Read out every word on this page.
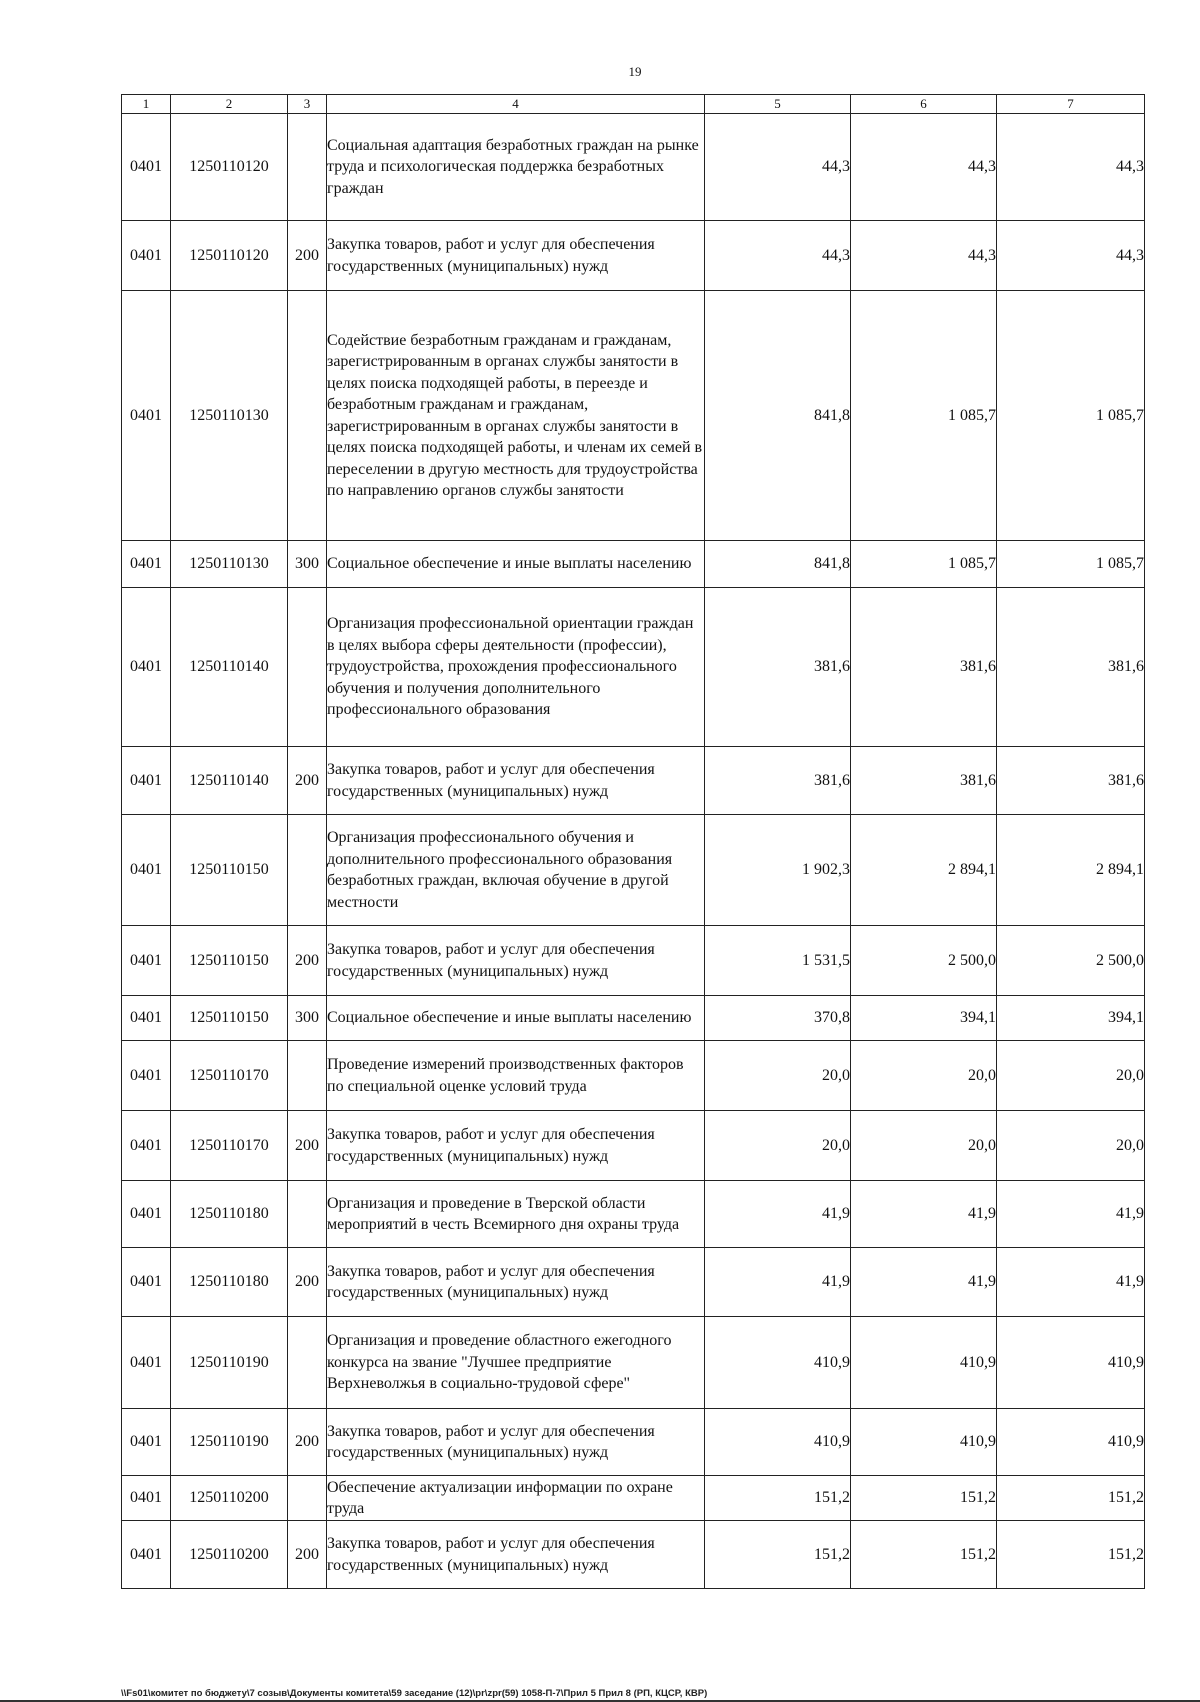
19
1	2	3	4	5	6	7
0401	1250110120		Социальная адаптация безработных граждан на рынке труда и психологическая поддержка безработных граждан	44,3	44,3	44,3
0401	1250110120	200	Закупка товаров, работ и услуг для обеспечения государственных (муниципальных) нужд	44,3	44,3	44,3
0401	1250110130		Содействие безработным гражданам и гражданам, зарегистрированным в органах службы занятости в целях поиска подходящей работы, в переезде и безработным гражданам и гражданам, зарегистрированным в органах службы занятости в целях поиска подходящей работы, и членам их семей в переселении в другую местность для трудоустройства по направлению органов службы занятости	841,8	1 085,7	1 085,7
0401	1250110130	300	Социальное обеспечение и иные выплаты населению	841,8	1 085,7	1 085,7
0401	1250110140		Организация профессиональной ориентации граждан в целях выбора сферы деятельности (профессии), трудоустройства, прохождения профессионального обучения и получения дополнительного профессионального образования	381,6	381,6	381,6
0401	1250110140	200	Закупка товаров, работ и услуг для обеспечения государственных (муниципальных) нужд	381,6	381,6	381,6
0401	1250110150		Организация профессионального обучения и дополнительного профессионального образования безработных граждан, включая обучение в другой местности	1 902,3	2 894,1	2 894,1
0401	1250110150	200	Закупка товаров, работ и услуг для обеспечения государственных (муниципальных) нужд	1 531,5	2 500,0	2 500,0
0401	1250110150	300	Социальное обеспечение и иные выплаты населению	370,8	394,1	394,1
0401	1250110170		Проведение измерений производственных факторов по специальной оценке условий труда	20,0	20,0	20,0
0401	1250110170	200	Закупка товаров, работ и услуг для обеспечения государственных (муниципальных) нужд	20,0	20,0	20,0
0401	1250110180		Организация и проведение в Тверской области мероприятий в честь Всемирного дня охраны труда	41,9	41,9	41,9
0401	1250110180	200	Закупка товаров, работ и услуг для обеспечения государственных (муниципальных) нужд	41,9	41,9	41,9
0401	1250110190		Организация и проведение областного ежегодного конкурса на звание "Лучшее предприятие Верхневолжья в социально-трудовой сфере"	410,9	410,9	410,9
0401	1250110190	200	Закупка товаров, работ и услуг для обеспечения государственных (муниципальных) нужд	410,9	410,9	410,9
0401	1250110200		Обеспечение актуализации информации по охране труда	151,2	151,2	151,2
0401	1250110200	200	Закупка товаров, работ и услуг для обеспечения государственных (муниципальных) нужд	151,2	151,2	151,2
\\Fs01\комитет по бюджету\7 созыв\Документы комитета\59 заседание (12)\pr\zpr(59) 1058-П-7\Прил 5 Прил 8 (РП, КЦСР, КВР)
